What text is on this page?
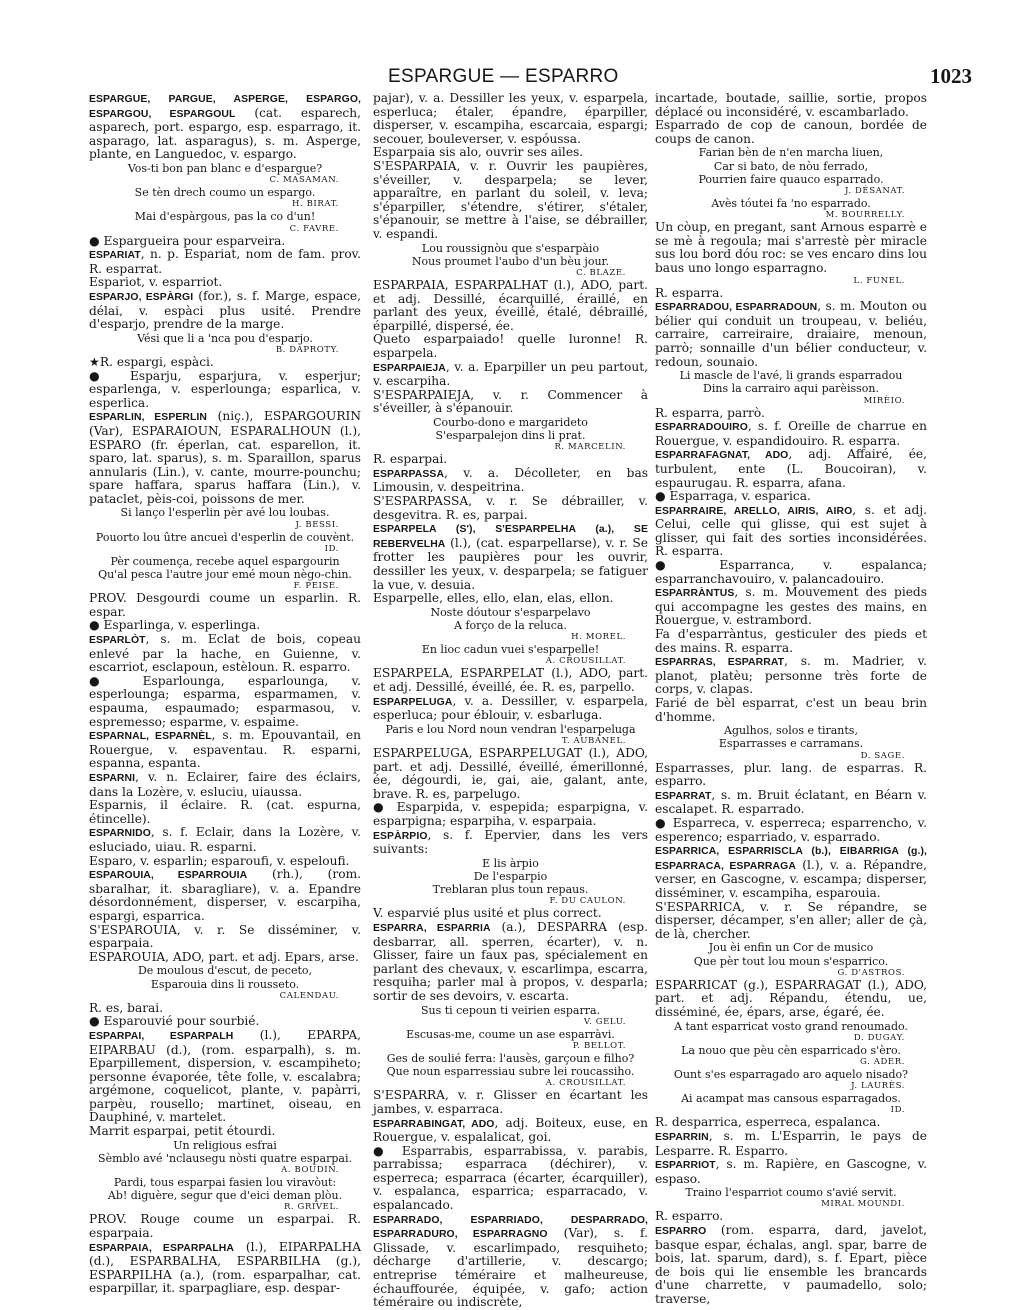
ESPARGUE — ESPARRO	1023

ESPARGUE, PARGUE, ASPERGE, ESPARGO, ESPARGOU, ESPARGOUL (cat. esparech, asparech, port. espargo, esp. esparrago, it. asparago, lat. asparagus), s. m. Asperge, plante, en Languedoc, v. espargo.

Vos-ti bon pan blanc e d'espargue?

C. MASAMAN.

Se tèn drech coumo un espargo.

H. BIRAT.

Mai d'espàrgous, pas la co d'un!

C. FAVRE.

● Espargueira pour esparveira.

ESPARIAT, n. p. Espariat, nom de fam. prov. R. esparrat.

Espariot, v. esparriot.

ESPARJO, ESPÀRGI (for.), s. f. Marge, espace, délai, v. espàci plus usité. Prendre d'esparjo, prendre de la marge.

Vési que li a 'nca pou d'esparjo.

B. DAPROTY.

★R. espargi, espàci.

● Esparju, esparjura, v. esperjur; esparlenga, v. esperlounga; esparlica, v. esperlica.

ESPARLIN, ESPERLIN (niç.), ESPARGOURIN (Var), ESPARAIOUN, ESPARALHOUN (l.), ESPARO (fr. éperlan, cat. esparellon, it. sparo, lat. sparus), s. m. Sparaillon, sparus annularis (Lin.), v. cante, mourre-pounchu; spare haffara, sparus haffara (Lin.), v. pataclet, pèis-coi, poissons de mer.

Si lanço l'esperlin pèr avé lou loubas.

J. BESSI.

Pouorto lou ûtre ancueì d'esperlin de couvènt.

ID.

Pèr coumença, recebe aquel espargourin

Qu'al pesca l'autre jour emé moun nègo-chin.

F. PEISE.

PROV. Desgourdi coume un esparlin. R. espar.

● Esparlinga, v. esperlinga.

ESPARLÒT, s. m. Eclat de bois, copeau enlevé par la hache, en Guienne, v. escarriot, esclapoun, estèloun. R. esparro.

● Esparlounga, esparlounga, v. esperlounga; esparma, esparmamen, v. espauma, espaumado; esparmasou, v. espremesso; esparme, v. espaime.

ESPARNAL, ESPARNÈL, s. m. Epouvantail, en Rouergue, v. espaventau. R. esparni, espanna, espanta.

ESPARNI, v. n. Eclairer, faire des éclairs, dans la Lozère, v. esluciu, uiaussa.

Esparnis, il éclaire. R. (cat. espurna, étincelle).

ESPARNIDO, s. f. Eclair, dans la Lozère, v. esluciado, uiau. R. esparni.

Esparo, v. esparlin; esparoufi, v. espeloufi.

ESPAROUIA, ESPARROUIA (rh.), (rom. sbaralhar, it. sbaragliare), v. a. Epandre désordonnément, disperser, v. escarpiha, espargi, esparrica.

S'ESPAROUIA, v. r. Se disséminer, v. esparpaia.

ESPAROUIA, ADO, part. et adj. Epars, arse.

De moulous d'escut, de peceto,

Esparouia dins li rousseto.

CALENDAU.

R. es, barai.

● Esparouvié pour sourbié.

ESPARPAI, ESPARPALH (l.), EPARPA, EIPARBAU (d.), (rom. esparpalh), s. m. Eparpillement, dispersion, v. escampiheto; personne évaporée, tête folle, v. escalabra; argémone, coquelicot, plante, v. papàrri, parpèu, rousello; martinet, oiseau, en Dauphiné, v. martelet.

Marrit esparpai, petit étourdi.

Un religious esfrai

Sèmblo avé 'nclausegu nòsti quatre esparpai.

A. BOUDIN.

Pardi, tous esparpai fasien lou viravòut:

Ab! diguère, segur que d'eici deman plòu.

R. GRIVEL.

PROV. Rouge coume un esparpai. R. esparpaia.

ESPARPAIA, ESPARPALHA (l.), EIPARPALHA (d.), ESPARBALHA, ESPARBILHA (g.), ESPARPILHA (a.), (rom. esparpalhar, cat. esparpillar, it. sparpagliare, esp. despar-

pajar), v. a. Dessiller les yeux, v. esparpela, esperluca; étaler, épandre, éparpiller, disperser, v. escampiha, escarcaia, espargi; secouer, bouleverser, v. espóussa.

Esparpaia sis alo, ouvrir ses ailes.

S'ESPARPAIA, v. r. Ouvrir les paupières, s'éveiller, v. desparpela; se lever, apparaître, en parlant du soleil, v. leva; s'éparpiller, s'étendre, s'étirer, s'étaler, s'épanouir, se mettre à l'aise, se débrailler, v. espandi.

Lou roussignòu que s'esparpàio

Nous proumet l'aubo d'un bèu jour.

C. BLAZE.

ESPARPAIA, ESPARPALHAT (l.), ADO, part. et adj. Dessillé, écarquillé, éraillé, en parlant des yeux, éveillé, étalé, débraillé, éparpillé, dispersé, ée.

Queto esparpaiado! quelle luronne! R. esparpela.

ESPARPAIEJA, v. a. Eparpiller un peu partout, v. escarpiha.

S'ESPARPAIEJA, v. r. Commencer à s'éveiller, à s'épanouir.

Courbo-dono e margarideto

S'esparpalejon dins li prat.

R. MARCELIN.

R. esparpai.

ESPARPASSA, v. a. Décolleter, en bas Limousin, v. despeitrina.

S'ESPARPASSA, v. r. Se débrailler, v. desgevitra. R. es, parpai.

ESPARPELA (S'), S'ESPARPELHA (a.), SE REBERVELHA (l.), (cat. esparpellarse), v. r. Se frotter les paupières pour les ouvrir, dessiller les yeux, v. desparpela; se fatiguer la vue, v. desuia.

Esparpelle, elles, ello, elan, elas, ellon.

Noste dóutour s'esparpelavo

A forço de la reluca.

H. MOREL.

En lioc cadun vuei s'esparpelle!

A. CROUSILLAT.

ESPARPELA, ESPARPELAT (l.), ADO, part. et adj. Dessillé, éveillé, ée. R. es, parpello.

ESPARPELUGA, v. a. Dessiller, v. esparpela, esperluca; pour éblouir, v. esbarluga.

Paris e lou Nord noun vendran l'esparpeluga

T. AUBANEL.

ESPARPELUGA, ESPARPELUGAT (l.), ADO, part. et adj. Dessillé, éveillé, émerillonné, ée, dégourdi, ie, gai, aie, galant, ante, brave. R. es, parpelugo.

● Esparpida, v. espepida; esparpigna, v. esparpigna; esparpiha, v. esparpaia.

ESPÀRPIO, s. f. Epervier, dans les vers suivants:

E lis àrpio

De l'esparpio

Treblaran plus toun repaus.

F. DU CAULON.

V. esparvié plus usité et plus correct.

ESPARRA, ESPARRIA (a.), DESPARRA (esp. desbarrar, all. sperren, écarter), v. n. Glisser, faire un faux pas, spécialement en parlant des chevaux, v. escarlimpa, escarra, resquiha; parler mal à propos, v. desparla; sortir de ses devoirs, v. escarta.

Sus ti cepoun ti veirien esparra.

V. GELU.

Escusas-me, coume un ase esparràvi.

P. BELLOT.

Ges de soulié ferra: l'ausès, garçoun e filho?

Que noun esparressiau subre lei roucassiho.

A. CROUSILLAT.

S'ESPARRA, v. r. Glisser en écartant les jambes, v. esparraca.

ESPARRABINGAT, ADO, adj. Boiteux, euse, en Rouergue, v. espalalicat, goi.

● Esparrabis, esparrabissa, v. parabis, parrabissa; esparraca (déchirer), v. esperreca; esparraca (écarter, écarquiller), v. espalanca, esparrica; esparracado, v. espalancado.

ESPARRADO, ESPARRIADO, DESPARRADO, ESPARRADURO, ESPARRAGNO (Var), s. f. Glissade, v. escarlimpado, resquiheto; décharge d'artillerie, v. descargo; entreprise téméraire et malheureuse, échauffourée, équipée, v. gafo; action téméraire ou indiscrète,

incartade, boutade, saillie, sortie, propos déplacé ou inconsidéré, v. escambarlado.

Esparrado de cop de canoun, bordée de coups de canon.

Farian bèn de n'en marcha liuen,

Car si bato, de nòu ferrado,

Pourrien faire quauco esparrado.

J. DÉSANAT.

Avès tóutei fa 'no esparrado.

M. BOURRELLY.

Un còup, en pregant, sant Arnous esparrè e se mè à regoula; mai s'arrestè pèr miracle sus lou bord dóu roc: se ves encaro dins lou baus uno longo esparragno.

L. FUNEL.

R. esparra.

ESPARRADOU, ESPARRADOUN, s. m. Mouton ou bélier qui conduit un troupeau, v. beliéu, carraire, carreiraire, draiaire, menoun, parrò; sonnaille d'un bélier conducteur, v. redoun, sounaio.

Li mascle de l'avé, li grands esparradou

Dins la carrairo aqui parèisson.

MIRÈIO.

R. esparra, parrò.

ESPARRADOUIRO, s. f. Oreille de charrue en Rouergue, v. espandidouiro. R. esparra.

ESPARRAFAGNAT, ADO, adj. Affairé, ée, turbulent, ente (L. Boucoiran), v. espaurugau. R. esparra, afana.

● Esparraga, v. esparica.

ESPARRAIRE, ARELLO, AIRIS, AIRO, s. et adj. Celui, celle qui glisse, qui est sujet à glisser, qui fait des sorties inconsidérées. R. esparra.

● Esparranca, v. espalanca; esparranchavouiro, v. palancadouiro.

ESPARRÀNTUS, s. m. Mouvement des pieds qui accompagne les gestes des mains, en Rouergue, v. estrambord.

Fa d'esparràntus, gesticuler des pieds et des mains. R. esparra.

ESPARRAS, ESPARRAT, s. m. Madrier, v. planot, platèu; personne très forte de corps, v. clapas.

Farié de bèl esparrat, c'est un beau brin d'homme.

Agulhos, solos e tirants,

Esparrasses e carramans.

D. SAGE.

Esparrasses, plur. lang. de esparras. R. esparro.

ESPARRAT, s. m. Bruit éclatant, en Béarn v. escalapet. R. esparrado.

● Esparreca, v. esperreca; esparrencho, v. esperenco; esparriado, v. esparrado.

ESPARRICA, ESPARRISCLA (b.), EIBARRIGA (g.), ESPARRACA, ESPARRAGA (l.), v. a. Répandre, verser, en Gascogne, v. escampa; disperser, disséminer, v. escampiha, esparouia.

S'ESPARRICA, v. r. Se répandre, se disperser, décamper, s'en aller; aller de çà, de là, chercher.

Jou èi enfin un Cor de musico

Que pèr tout lou moun s'esparrico.

G. D'ASTROS.

ESPARRICAT (g.), ESPARRAGAT (l.), ADO, part. et adj. Répandu, étendu, ue, disséminé, ée, épars, arse, égaré, ée.

A tant esparricat vosto grand renoumado.

D. DUGAY.

La nouo que pèu cèn esparricado s'èro.

G. ADER.

Ount s'es esparragado aro aquelo nisado?

J. LAURÈS.

Ai acampat mas cansous esparragados.

ID.

R. desparrica, esperreca, espalanca.

ESPARRIN, s. m. L'Esparrin, le pays de Lesparre. R. Esparro.

ESPARRIOT, s. m. Rapière, en Gascogne, v. espaso.

Traino l'esparriot coumo s'avié servit.

MIRAL MOUNDI.

R. esparro.

ESPARRO (rom. esparra, dard, javelot, basque espar, échalas, angl. spar, barre de bois, lat. sparum, dard), s. f. Epart, pièce de bois qui lie ensemble les brancards d'une charrette, v paumadello, solo; traverse,
